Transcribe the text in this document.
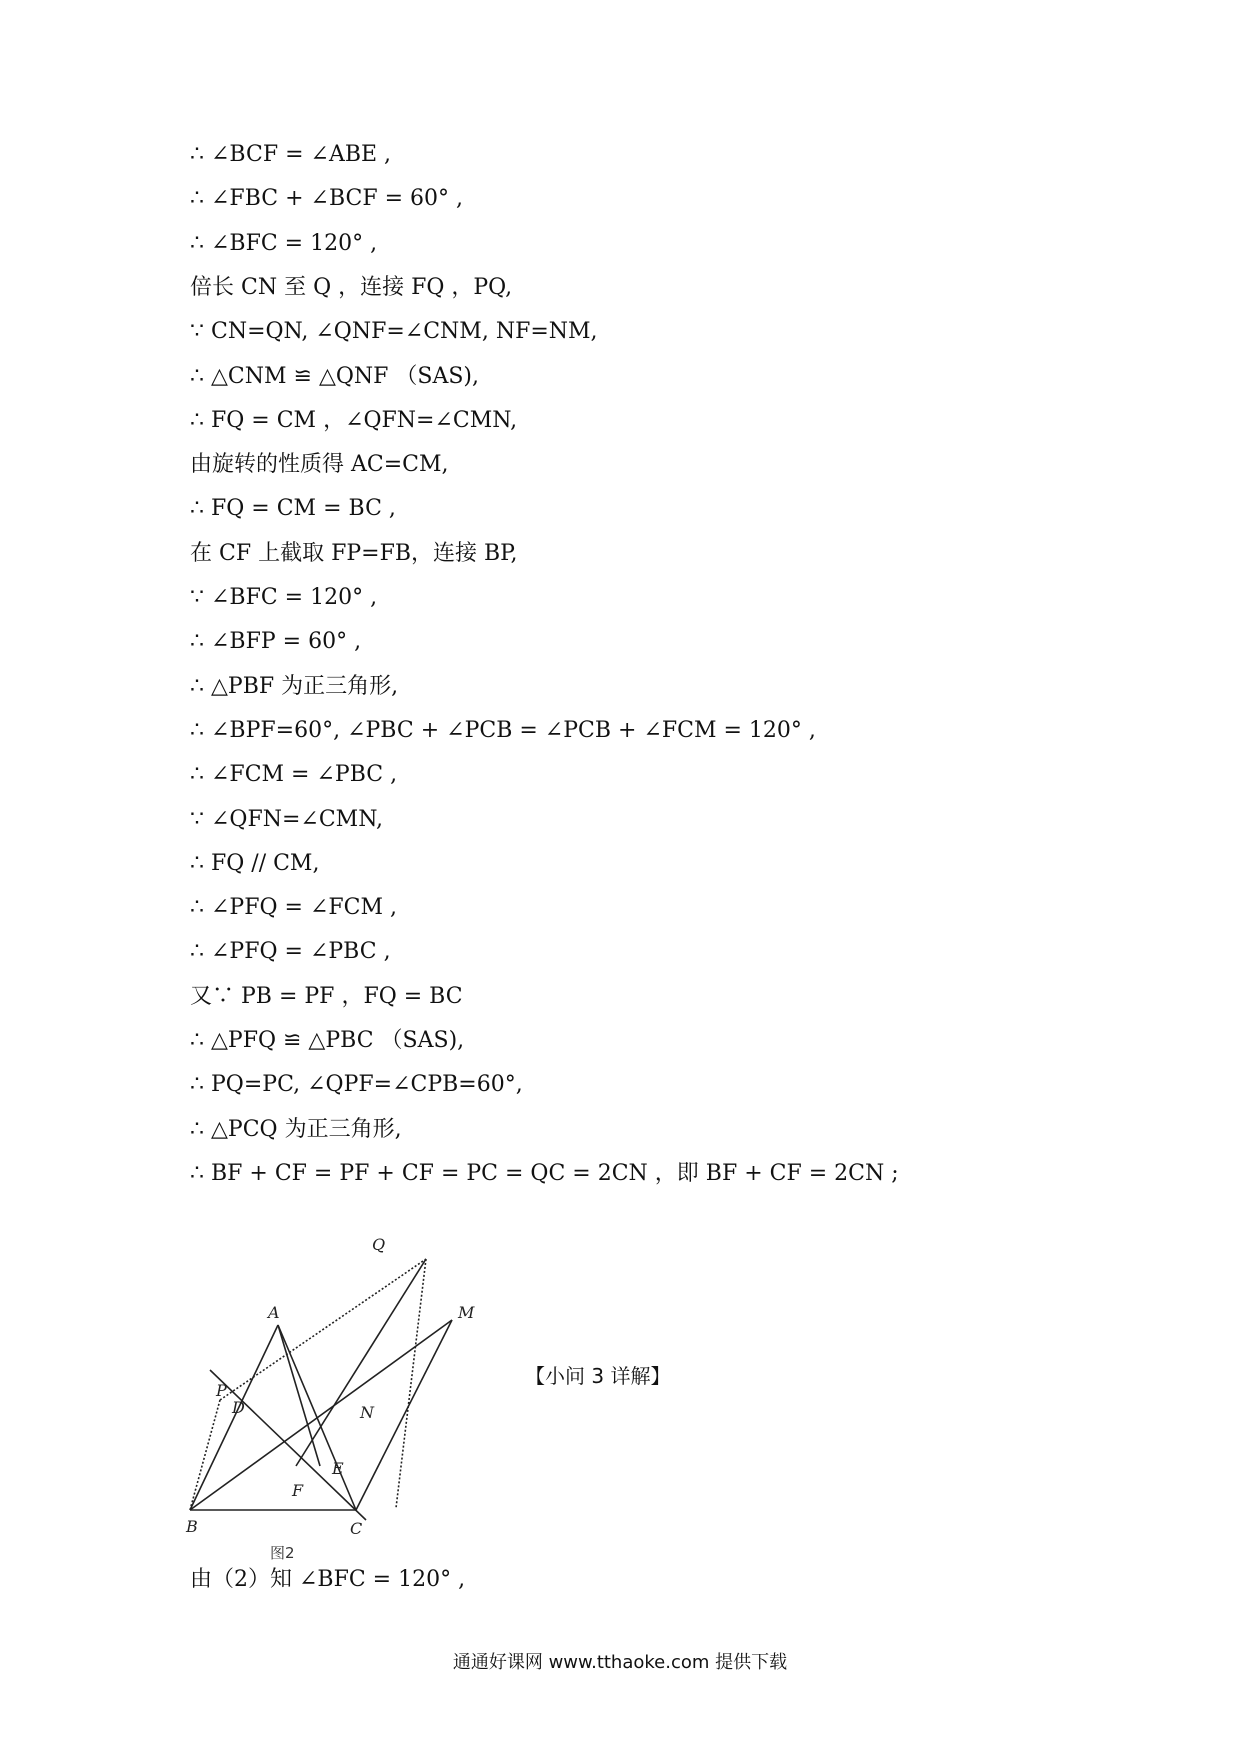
∴ ∠BCF = ∠ABE ,
∴ ∠FBC + ∠BCF = 60° ,
∴ ∠BFC = 120° ,
倍长 CN 至 Q ，连接 FQ ，PQ,
∵ CN=QN, ∠QNF=∠CNM, NF=NM,
∴ △CNM ≌ △QNF （SAS),
∴ FQ = CM ，∠QFN=∠CMN,
由旋转的性质得 AC=CM,
∴ FQ = CM = BC ,
在 CF 上截取 FP=FB，连接 BP,
∵ ∠BFC = 120° ,
∴ ∠BFP = 60° ,
∴ △PBF 为正三角形,
∴ ∠BPF=60°, ∠PBC + ∠PCB = ∠PCB + ∠FCM = 120° ,
∴ ∠FCM = ∠PBC ,
∵ ∠QFN=∠CMN,
∴ FQ // CM,
∴ ∠PFQ = ∠FCM ,
∴ ∠PFQ = ∠PBC ,
又∵ PB = PF ，FQ = BC
∴ △PFQ ≌ △PBC （SAS),
∴ PQ=PC, ∠QPF=∠CPB=60°,
∴ △PCQ 为正三角形,
∴ BF + CF = PF + CF = PC = QC = 2CN ，即 BF + CF = 2CN ;
Q
A	M
P
D	N
E
F
B	C
图2
【小问 3 详解】
由（2）知 ∠BFC = 120° ,
通通好课网 www.tthaoke.com 提供下载
